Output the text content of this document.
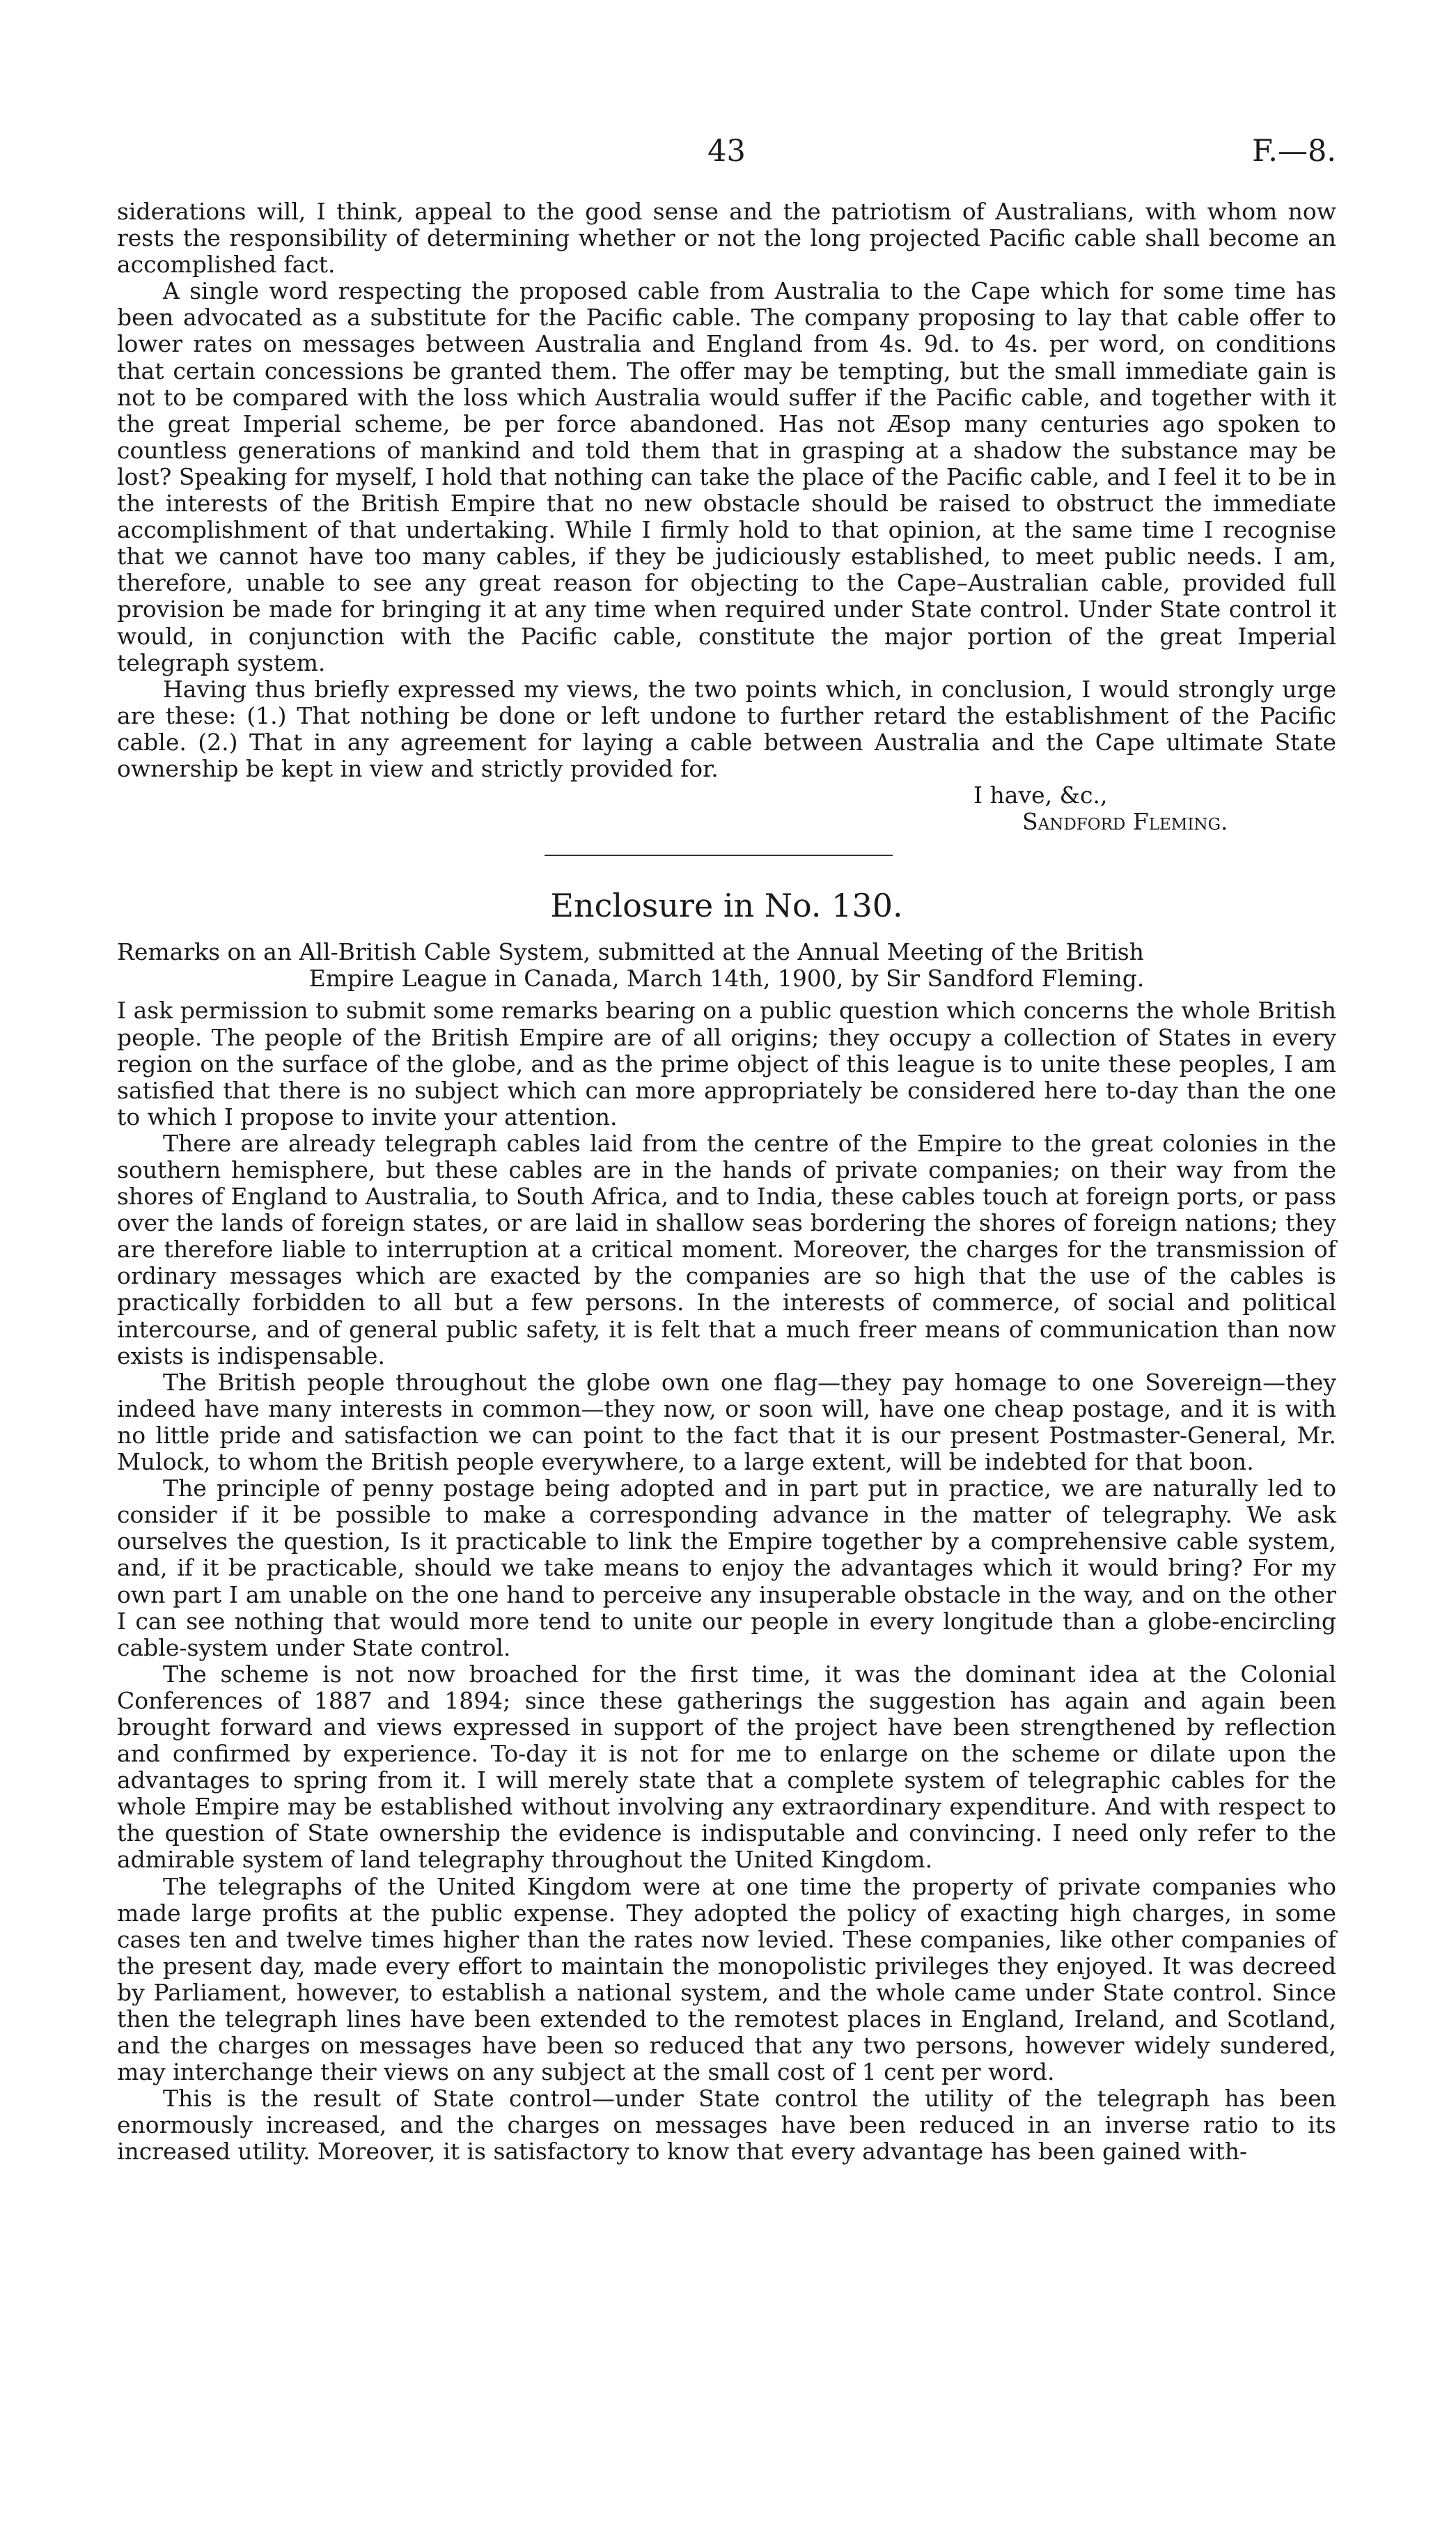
43	F.—8.

siderations will, I think, appeal to the good sense and the patriotism of Australians, with whom now rests the responsibility of determining whether or not the long projected Pacific cable shall become an accomplished fact.

A single word respecting the proposed cable from Australia to the Cape which for some time has been advocated as a substitute for the Pacific cable. The company proposing to lay that cable offer to lower rates on messages between Australia and England from 4s. 9d. to 4s. per word, on conditions that certain concessions be granted them. The offer may be tempting, but the small immediate gain is not to be compared with the loss which Australia would suffer if the Pacific cable, and together with it the great Imperial scheme, be per force abandoned. Has not Æsop many centuries ago spoken to countless generations of mankind and told them that in grasping at a shadow the substance may be lost? Speaking for myself, I hold that nothing can take the place of the Pacific cable, and I feel it to be in the interests of the British Empire that no new obstacle should be raised to obstruct the immediate accomplishment of that undertaking. While I firmly hold to that opinion, at the same time I recognise that we cannot have too many cables, if they be judiciously established, to meet public needs. I am, therefore, unable to see any great reason for objecting to the Cape–Australian cable, provided full provision be made for bringing it at any time when required under State control. Under State control it would, in conjunction with the Pacific cable, constitute the major portion of the great Imperial telegraph system.

Having thus briefly expressed my views, the two points which, in conclusion, I would strongly urge are these: (1.) That nothing be done or left undone to further retard the establishment of the Pacific cable. (2.) That in any agreement for laying a cable between Australia and the Cape ultimate State ownership be kept in view and strictly provided for.

I have, &c.,
Sandford Fleming.
Enclosure in No. 130.
Remarks on an All-British Cable System, submitted at the Annual Meeting of the British
Empire League in Canada, March 14th, 1900, by Sir Sandford Fleming.

I ask permission to submit some remarks bearing on a public question which concerns the whole British people. The people of the British Empire are of all origins; they occupy a collection of States in every region on the surface of the globe, and as the prime object of this league is to unite these peoples, I am satisfied that there is no subject which can more appropriately be considered here to-day than the one to which I propose to invite your attention.

There are already telegraph cables laid from the centre of the Empire to the great colonies in the southern hemisphere, but these cables are in the hands of private companies; on their way from the shores of England to Australia, to South Africa, and to India, these cables touch at foreign ports, or pass over the lands of foreign states, or are laid in shallow seas bordering the shores of foreign nations; they are therefore liable to interruption at a critical moment. Moreover, the charges for the transmission of ordinary messages which are exacted by the companies are so high that the use of the cables is practically forbidden to all but a few persons. In the interests of commerce, of social and political intercourse, and of general public safety, it is felt that a much freer means of communication than now exists is indispensable.

The British people throughout the globe own one flag—they pay homage to one Sovereign—they indeed have many interests in common—they now, or soon will, have one cheap postage, and it is with no little pride and satisfaction we can point to the fact that it is our present Postmaster-General, Mr. Mulock, to whom the British people everywhere, to a large extent, will be indebted for that boon.

The principle of penny postage being adopted and in part put in practice, we are naturally led to consider if it be possible to make a corresponding advance in the matter of telegraphy. We ask ourselves the question, Is it practicable to link the Empire together by a comprehensive cable system, and, if it be practicable, should we take means to enjoy the advantages which it would bring? For my own part I am unable on the one hand to perceive any insuperable obstacle in the way, and on the other I can see nothing that would more tend to unite our people in every longitude than a globe-encircling cable-system under State control.

The scheme is not now broached for the first time, it was the dominant idea at the Colonial Conferences of 1887 and 1894; since these gatherings the suggestion has again and again been brought forward and views expressed in support of the project have been strengthened by reflection and confirmed by experience. To-day it is not for me to enlarge on the scheme or dilate upon the advantages to spring from it. I will merely state that a complete system of telegraphic cables for the whole Empire may be established without involving any extraordinary expenditure. And with respect to the question of State ownership the evidence is indisputable and convincing. I need only refer to the admirable system of land telegraphy throughout the United Kingdom.

The telegraphs of the United Kingdom were at one time the property of private companies who made large profits at the public expense. They adopted the policy of exacting high charges, in some cases ten and twelve times higher than the rates now levied. These companies, like other companies of the present day, made every effort to maintain the monopolistic privileges they enjoyed. It was decreed by Parliament, however, to establish a national system, and the whole came under State control. Since then the telegraph lines have been extended to the remotest places in England, Ireland, and Scotland, and the charges on messages have been so reduced that any two persons, however widely sundered, may interchange their views on any subject at the small cost of 1 cent per word.

This is the result of State control—under State control the utility of the telegraph has been enormously increased, and the charges on messages have been reduced in an inverse ratio to its increased utility. Moreover, it is satisfactory to know that every advantage has been gained with-
